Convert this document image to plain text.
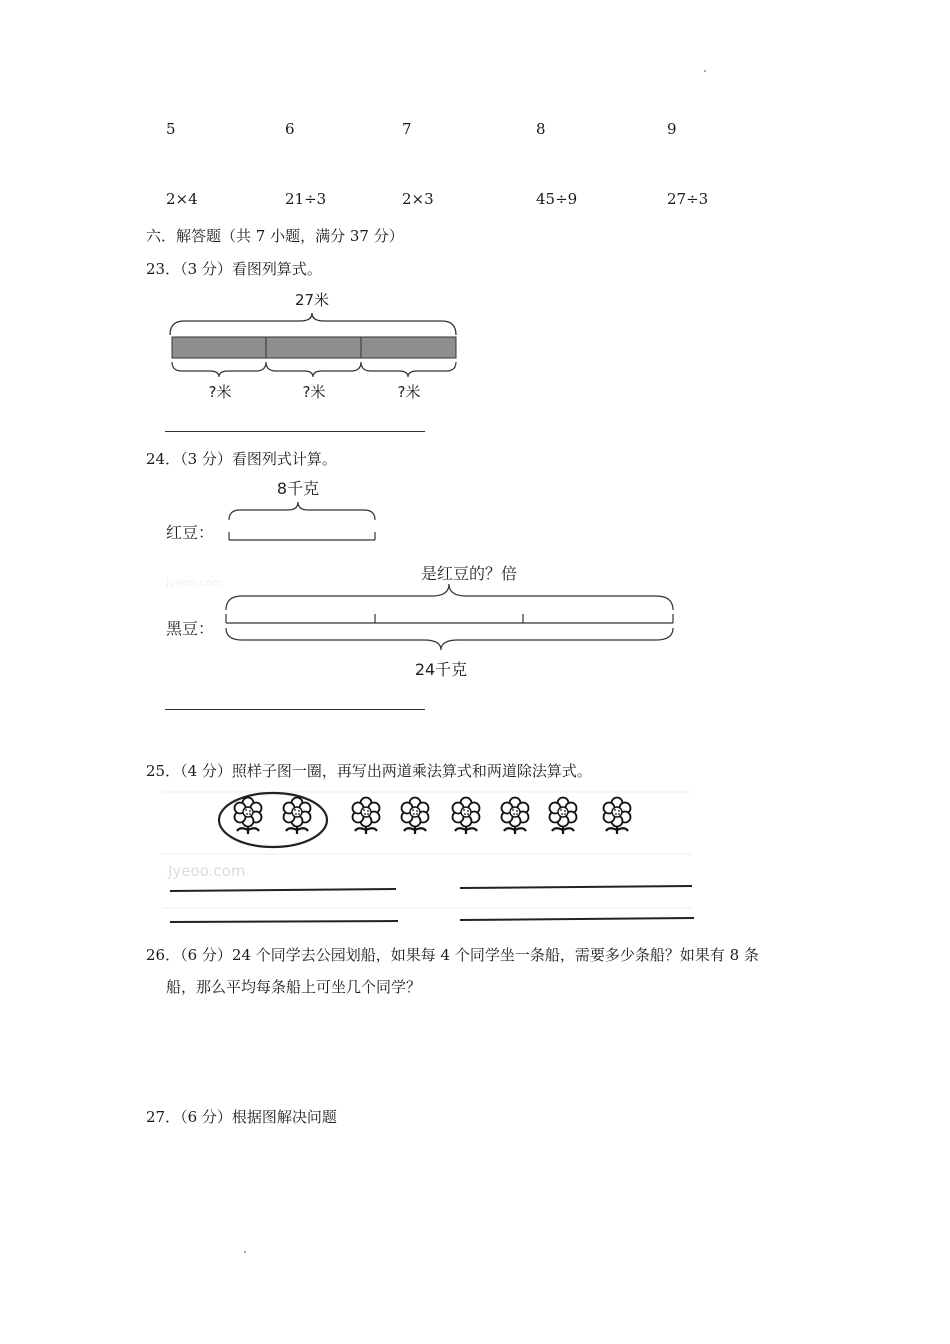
5	6	7	8	9
2×4	21÷3	2×3	45÷9	27÷3
六．解答题（共 7 小题，满分 37 分）
23．（3 分）看图列算式。
27米
?米	?米	?米
24．（3 分）看图列式计算。
8千克
红豆：
Jyeoo.com	是红豆的？倍
黑豆：
24千克
25．（4 分）照样子图一圈，再写出两道乘法算式和两道除法算式。
Jyeoo.com
26．（6 分）24 个同学去公园划船，如果每 4 个同学坐一条船，需要多少条船？如果有 8 条
船，那么平均每条船上可坐几个同学？
27．（6 分）根据图解决问题
